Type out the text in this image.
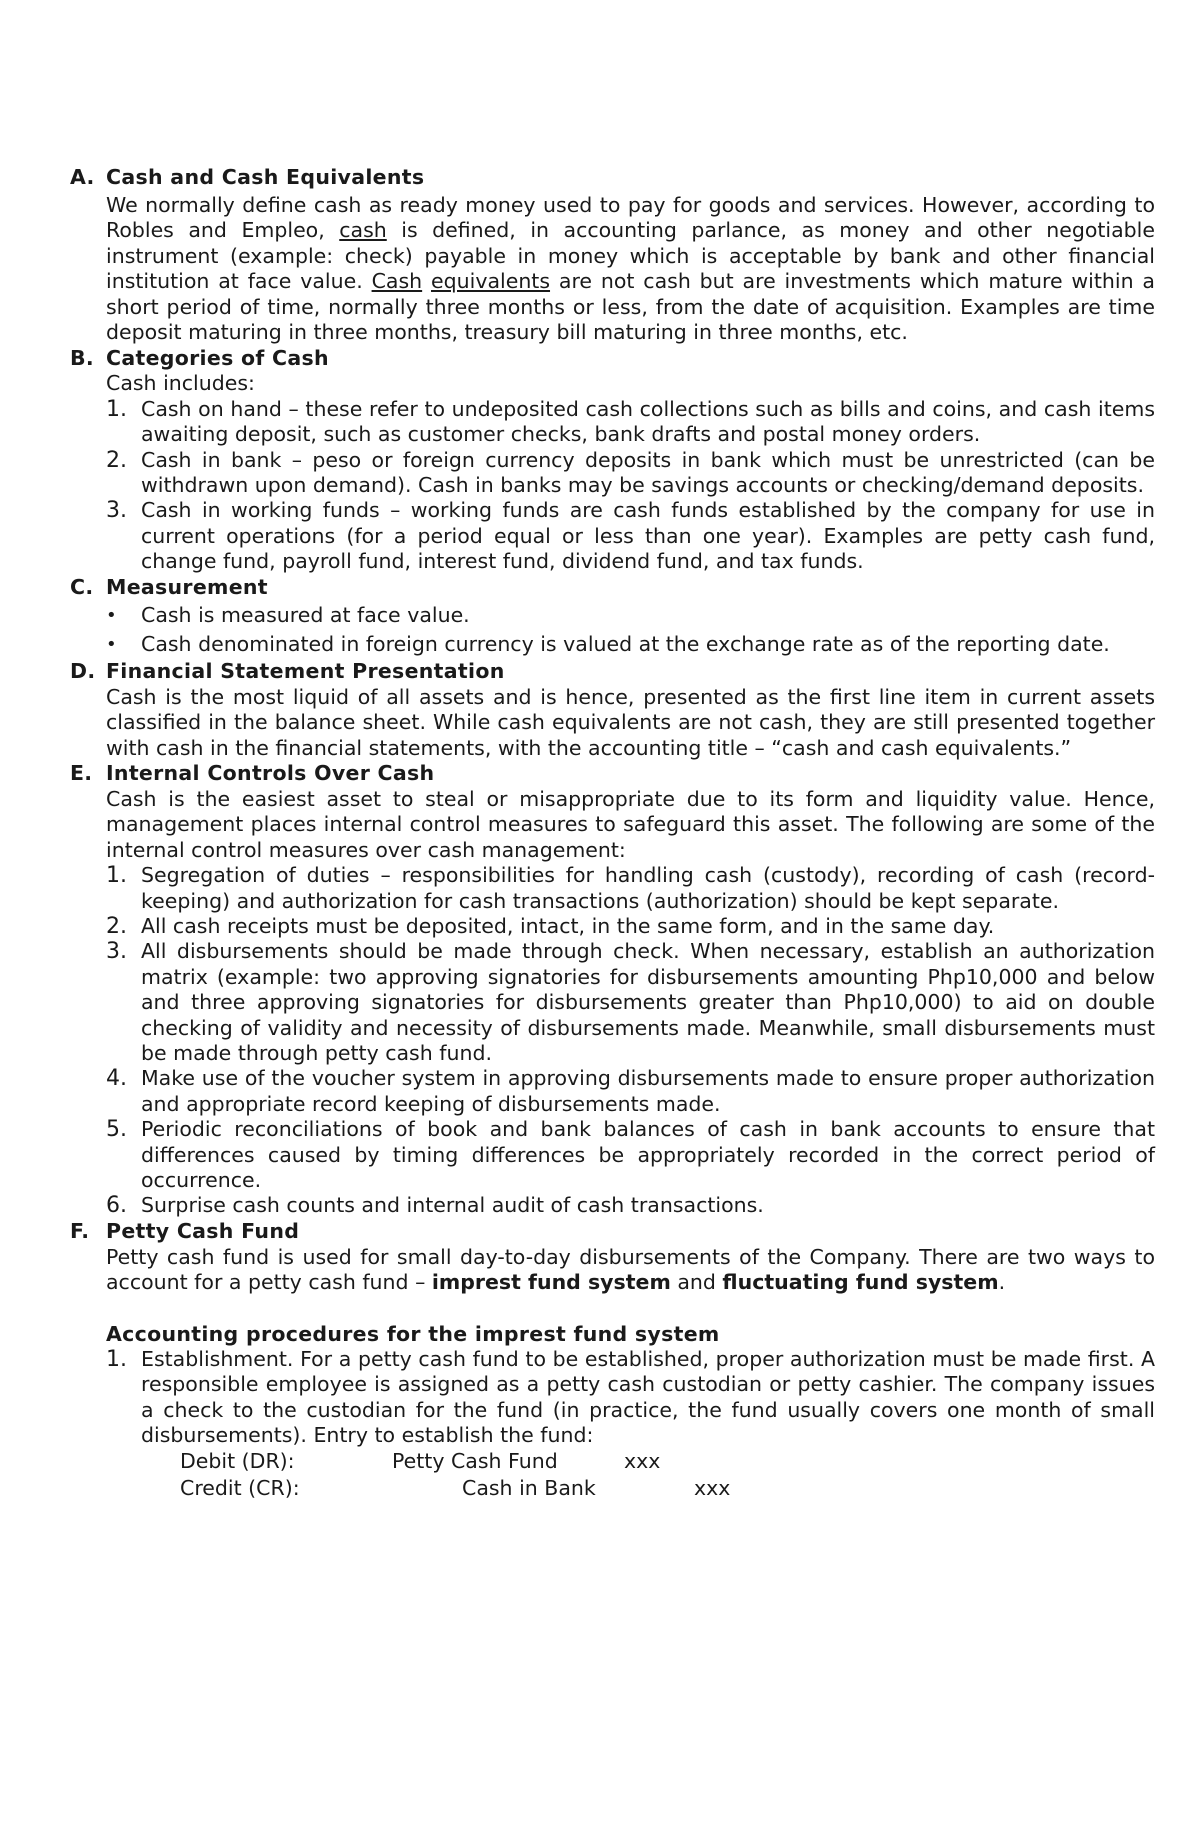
A. Cash and Cash Equivalents

We normally define cash as ready money used to pay for goods and services. However, according to Robles and Empleo, cash is defined, in accounting parlance, as money and other negotiable instrument (example: check) payable in money which is acceptable by bank and other financial institution at face value. Cash equivalents are not cash but are investments which mature within a short period of time, normally three months or less, from the date of acquisition. Examples are time deposit maturing in three months, treasury bill maturing in three months, etc.

B. Categories of Cash

Cash includes:

1. Cash on hand – these refer to undeposited cash collections such as bills and coins, and cash items awaiting deposit, such as customer checks, bank drafts and postal money orders.
2. Cash in bank – peso or foreign currency deposits in bank which must be unrestricted (can be withdrawn upon demand). Cash in banks may be savings accounts or checking/demand deposits.
3. Cash in working funds – working funds are cash funds established by the company for use in current operations (for a period equal or less than one year). Examples are petty cash fund, change fund, payroll fund, interest fund, dividend fund, and tax funds.
C. Measurement
•	Cash is measured at face value.
•	Cash denominated in foreign currency is valued at the exchange rate as of the reporting date.
D. Financial Statement Presentation

Cash is the most liquid of all assets and is hence, presented as the first line item in current assets classified in the balance sheet. While cash equivalents are not cash, they are still presented together with cash in the financial statements, with the accounting title – “cash and cash equivalents.”

E. Internal Controls Over Cash

Cash is the easiest asset to steal or misappropriate due to its form and liquidity value. Hence, management places internal control measures to safeguard this asset. The following are some of the internal control measures over cash management:

1. Segregation of duties – responsibilities for handling cash (custody), recording of cash (record-keeping) and authorization for cash transactions (authorization) should be kept separate.
2. All cash receipts must be deposited, intact, in the same form, and in the same day.
3. All disbursements should be made through check. When necessary, establish an authorization matrix (example: two approving signatories for disbursements amounting Php10,000 and below and three approving signatories for disbursements greater than Php10,000) to aid on double checking of validity and necessity of disbursements made. Meanwhile, small disbursements must be made through petty cash fund.
4. Make use of the voucher system in approving disbursements made to ensure proper authorization and appropriate record keeping of disbursements made.
5. Periodic reconciliations of book and bank balances of cash in bank accounts to ensure that differences caused by timing differences be appropriately recorded in the correct period of occurrence.
6. Surprise cash counts and internal audit of cash transactions.
F. Petty Cash Fund

Petty cash fund is used for small day-to-day disbursements of the Company. There are two ways to account for a petty cash fund – imprest fund system and fluctuating fund system.

Accounting procedures for the imprest fund system
1. Establishment. For a petty cash fund to be established, proper authorization must be made first. A responsible employee is assigned as a petty cash custodian or petty cashier. The company issues a check to the custodian for the fund (in practice, the fund usually covers one month of small disbursements). Entry to establish the fund:
Debit (DR):	Petty Cash Fund	xxx
Credit (CR):	Cash in Bank	xxx
